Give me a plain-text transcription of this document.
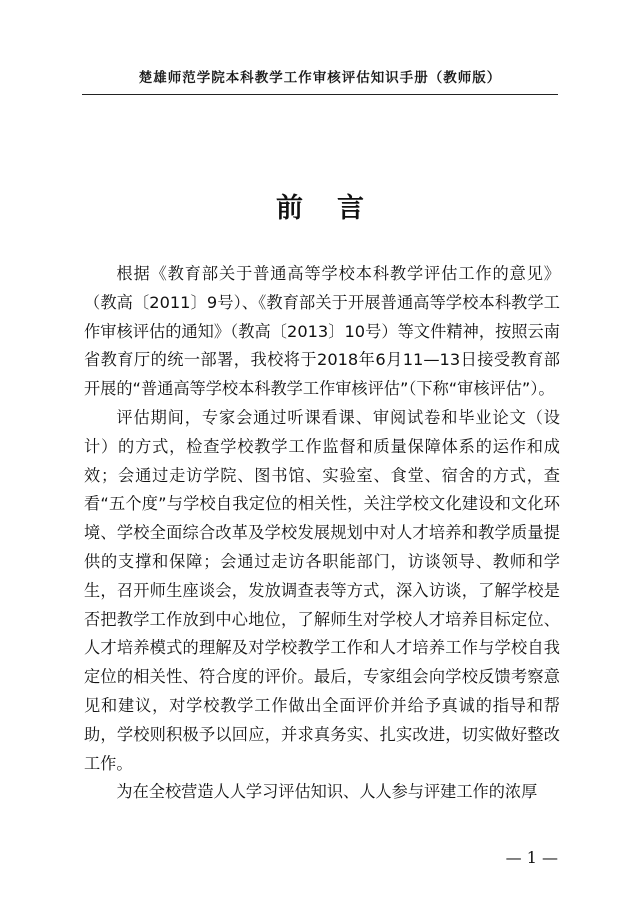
楚雄师范学院本科教学工作审核评估知识手册（教师版）
前言

根据《教育部关于普通高等学校本科教学评估工作的意见》（教高〔2011〕9号）、《教育部关于开展普通高等学校本科教学工作审核评估的通知》（教高〔2013〕10号）等文件精神，按照云南省教育厅的统一部署，我校将于2018年6月11—13日接受教育部开展的“普通高等学校本科教学工作审核评估”（下称“审核评估”）。

评估期间，专家会通过听课看课、审阅试卷和毕业论文（设计）的方式，检查学校教学工作监督和质量保障体系的运作和成效；会通过走访学院、图书馆、实验室、食堂、宿舍的方式，查看“五个度”与学校自我定位的相关性，关注学校文化建设和文化环境、学校全面综合改革及学校发展规划中对人才培养和教学质量提供的支撑和保障；会通过走访各职能部门，访谈领导、教师和学生，召开师生座谈会，发放调查表等方式，深入访谈，了解学校是否把教学工作放到中心地位，了解师生对学校人才培养目标定位、人才培养模式的理解及对学校教学工作和人才培养工作与学校自我定位的相关性、符合度的评价。最后，专家组会向学校反馈考察意见和建议，对学校教学工作做出全面评价并给予真诚的指导和帮助，学校则积极予以回应，并求真务实、扎实改进，切实做好整改工作。

为在全校营造人人学习评估知识、人人参与评建工作的浓厚

— 1 —
